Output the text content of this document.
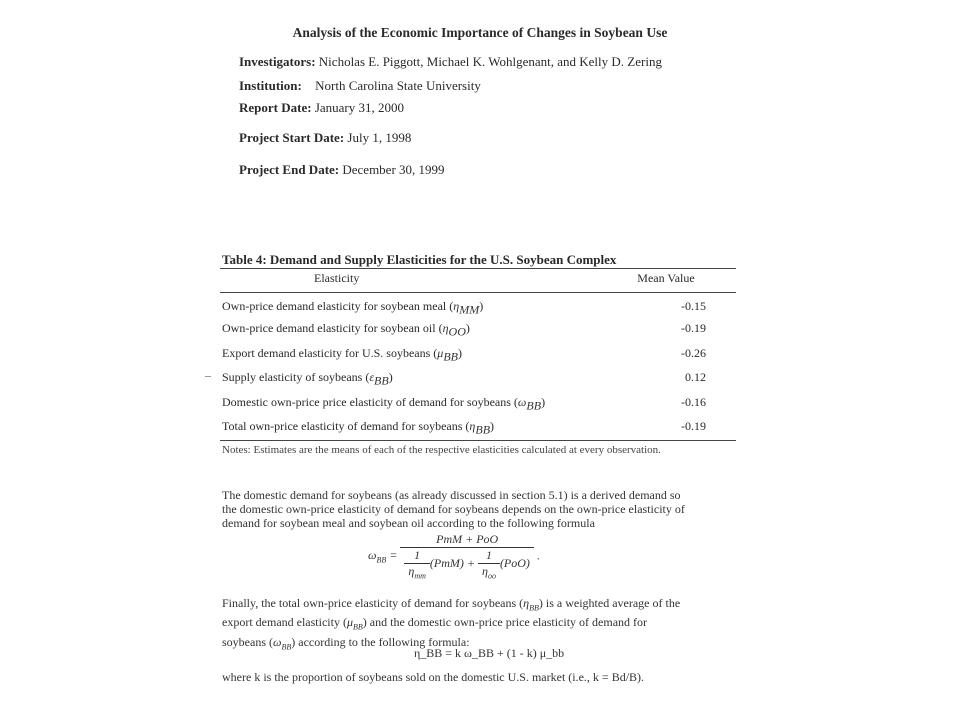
Analysis of the Economic Importance of Changes in Soybean Use
Investigators: Nicholas E. Piggott, Michael K. Wohlgenant, and Kelly D. Zering
Institution: North Carolina State University
Report Date: January 31, 2000
Project Start Date: July 1, 1998
Project End Date: December 30, 1999
Table 4: Demand and Supply Elasticities for the U.S. Soybean Complex
Elasticity	Mean Value
Own-price demand elasticity for soybean meal $(\eta_{MM})$	-0.15
Own-price demand elasticity for soybean oil $(\eta_{OO})$	-0.19
Export demand elasticity for U.S. soybeans $(\mu_{BB})$	-0.26
Supply elasticity of soybeans $(\varepsilon_{BB})$	0.12
Domestic own-price price elasticity of demand for soybeans $(\omega_{BB})$	-0.16
Total own-price elasticity of demand for soybeans $(\eta_{BB})$	-0.19
Notes: Estimates are the means of each of the respective elasticities calculated at every observation.
–
The domestic demand for soybeans (as already discussed in section 5.1) is a derived demand so
the domestic own-price elasticity of demand for soybeans depends on the own-price elasticity of
demand for soybean meal and soybean oil according to the following formula
$\omega_{BB} = \frac{\text{PmM + PoO}}{\frac{1}{\eta_{mm}} (PmM) + \frac{1}{\eta_{oo}} (PoO)}$ .
Finally, the total own-price elasticity of demand for soybeans $(\eta_{BB})$ is a weighted average of the
export demand elasticity $(\mu_{BB})$ and the domestic own-price price elasticity of demand for
soybeans $(\omega_{BB})$ according to the following formula:
η_BB = k ω_BB + (1 - k) μ_bb
where k is the proportion of soybeans sold on the domestic U.S. market (i.e., k = Bd/B).
